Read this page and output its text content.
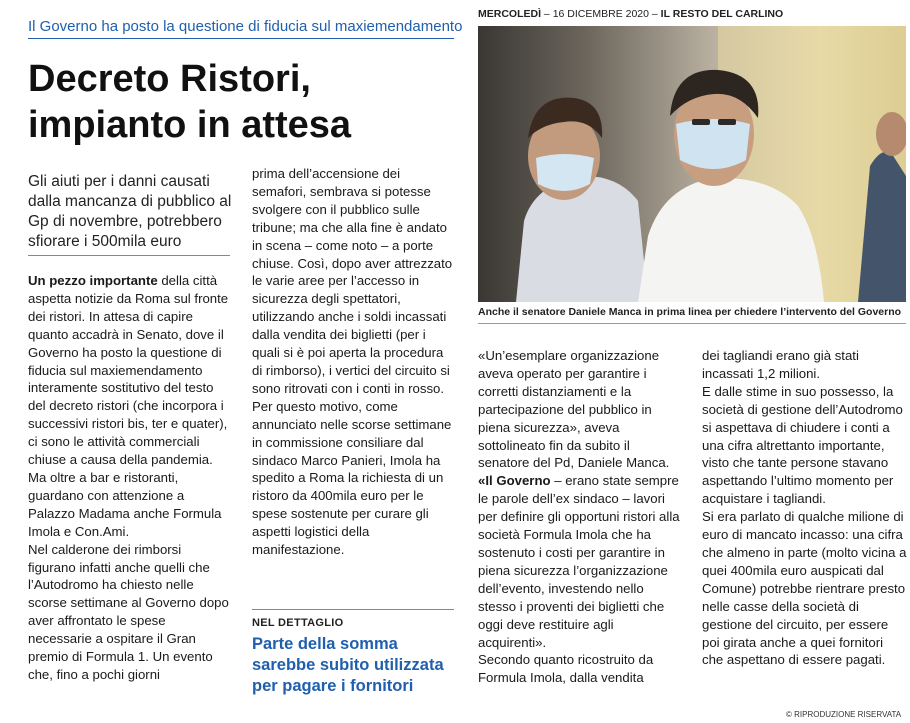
Il Governo ha posto la questione di fiducia sul maxiemendamento
Decreto Ristori,
impianto in attesa
MERCOLEDÌ – 16 DICEMBRE 2020 – IL RESTO DEL CARLINO
Anche il senatore Daniele Manca in prima linea per chiedere l’intervento del Governo
Gli aiuti per i danni causati dalla mancanza di pubblico al Gp di novembre, potrebbero sfiorare i 500mila euro

Un pezzo importante della città aspetta notizie da Roma sul fronte dei ristori. In attesa di capire quanto accadrà in Senato, dove il Governo ha posto la questione di fiducia sul maxiemendamento interamente sostitutivo del testo del decreto ristori (che incorpora i successivi ristori bis, ter e quater), ci sono le attività commerciali chiuse a causa della pandemia.

Ma oltre a bar e ristoranti, guardano con attenzione a Palazzo Madama anche Formula Imola e Con.Ami.

Nel calderone dei rimborsi figurano infatti anche quelli che l’Autodromo ha chiesto nelle scorse settimane al Governo dopo aver affrontato le spese necessarie a ospitare il Gran premio di Formula 1. Un evento che, fino a pochi giorni

prima dell’accensione dei semafori, sembrava si potesse svolgere con il pubblico sulle tribune; ma che alla fine è andato in scena – come noto – a porte chiuse. Così, dopo aver attrezzato le varie aree per l’accesso in sicurezza degli spettatori, utilizzando anche i soldi incassati dalla vendita dei biglietti (per i quali si è poi aperta la procedura di rimborso), i vertici del circuito si sono ritrovati con i conti in rosso.

Per questo motivo, come annunciato nelle scorse settimane in commissione consiliare dal sindaco Marco Panieri, Imola ha spedito a Roma la richiesta di un ristoro da 400mila euro per le spese sostenute per curare gli aspetti logistici della manifestazione.

NEL DETTAGLIO
Parte della somma sarebbe subito utilizzata per pagare i fornitori

«Un’esemplare organizzazione aveva operato per garantire i corretti distanziamenti e la partecipazione del pubblico in piena sicurezza», aveva sottolineato fin da subito il senatore del Pd, Daniele Manca.

«Il Governo – erano state sempre le parole dell’ex sindaco – lavori per definire gli opportuni ristori alla società Formula Imola che ha sostenuto i costi per garantire in piena sicurezza l’organizzazione dell’evento, investendo nello stesso i proventi dei biglietti che oggi deve restituire agli acquirenti».

Secondo quanto ricostruito da Formula Imola, dalla vendita

dei tagliandi erano già stati incassati 1,2 milioni.

E dalle stime in suo possesso, la società di gestione dell’Autodromo si aspettava di chiudere i conti a una cifra altrettanto importante, visto che tante persone stavano aspettando l’ultimo momento per acquistare i tagliandi.

Si era parlato di qualche milione di euro di mancato incasso: una cifra che almeno in parte (molto vicina a quei 400mila euro auspicati dal Comune) potrebbe rientrare presto nelle casse della società di gestione del circuito, per essere poi girata anche a quei fornitori che aspettano di essere pagati.

© RIPRODUZIONE RISERVATA
